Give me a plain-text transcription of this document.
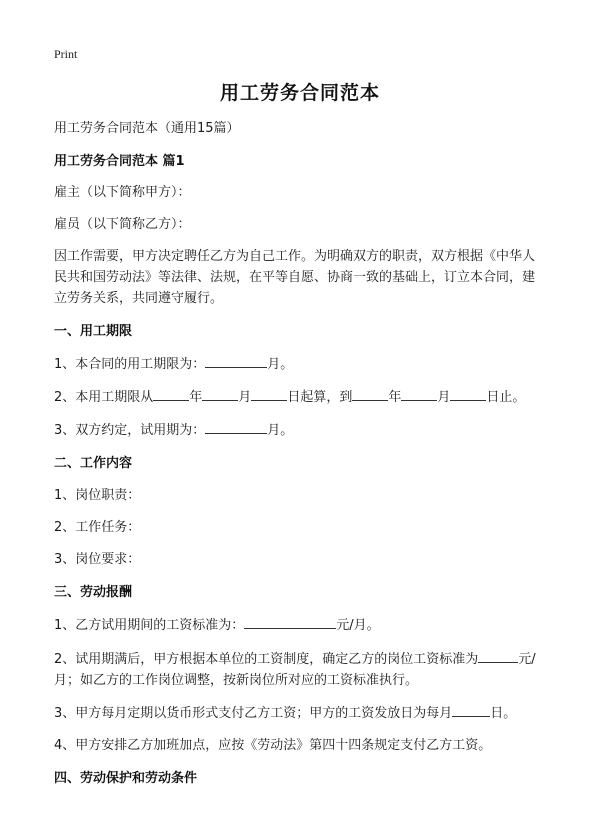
Print
用工劳务合同范本

用工劳务合同范本（通用15篇）

用工劳务合同范本 篇1

雇主（以下简称甲方）：

雇员（以下简称乙方）：

因工作需要，甲方决定聘任乙方为自己工作。为明确双方的职责，双方根据《中华人民共和国劳动法》等法律、法规，在平等自愿、协商一致的基础上，订立本合同，建立劳务关系，共同遵守履行。

一、用工期限

1、本合同的用工期限为：	月。

2、本用工期限从	年	月	日起算，到	年	月	日止。

3、双方约定，试用期为：	月。

二、工作内容

1、岗位职责：

2、工作任务：

3、岗位要求：

三、劳动报酬

1、乙方试用期间的工资标准为：	元/月。

2、试用期满后，甲方根据本单位的工资制度，确定乙方的岗位工资标准为	元/月；如乙方的工作岗位调整，按新岗位所对应的工资标准执行。

3、甲方每月定期以货币形式支付乙方工资；甲方的工资发放日为每月	日。

4、甲方安排乙方加班加点，应按《劳动法》第四十四条规定支付乙方工资。

四、劳动保护和劳动条件
